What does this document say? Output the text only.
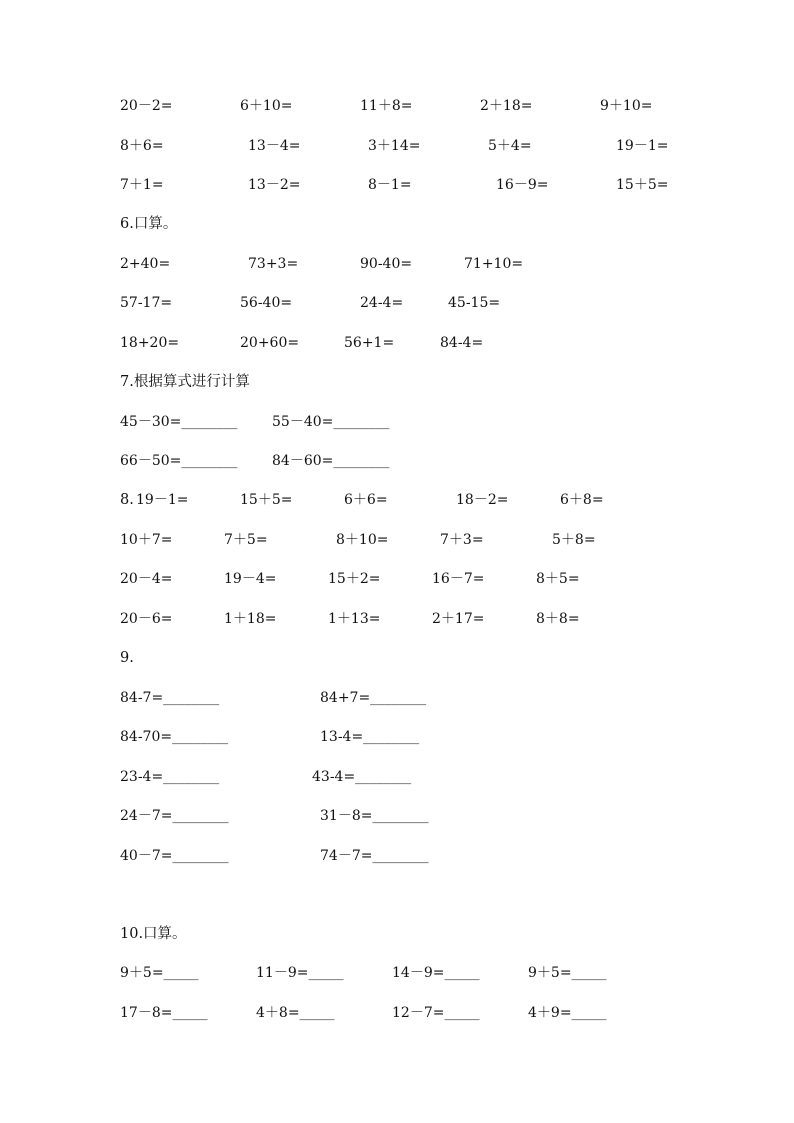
20－2=	6＋10=	11＋8=	2＋18=	9＋10=
8＋6=	13－4=	3＋14=	5＋4=	19－1=
7＋1=	13－2=	8－1=	16－9=	15＋5=
6.口算。
2+40=	73+3=	90-40=	71+10=
57-17=	56-40=	24-4=	45-15=
18+20=	20+60=	56+1=	84-4=
7.根据算式进行计算
45－30=________ 55－40=________
66－50=________ 84－60=________
8. 19－1=	15＋5=	6＋6=	18－2=	6＋8=
10＋7=	7＋5=	8＋10=	7＋3=	5＋8=
20－4=	19－4=	15＋2=	16－7=	8＋5=
20－6=	1＋18=	1＋13=	2＋17=	8＋8=
9.
84-7=________	84+7=________
84-70=________	13-4=________
23-4=________	43-4=________
24－7=________	31－8=________
40－7=________	74－7=________
10.口算。
9＋5=_____	11－9=_____	14－9=_____	9＋5=_____
17－8=_____	4＋8=_____	12－7=_____	4＋9=_____
